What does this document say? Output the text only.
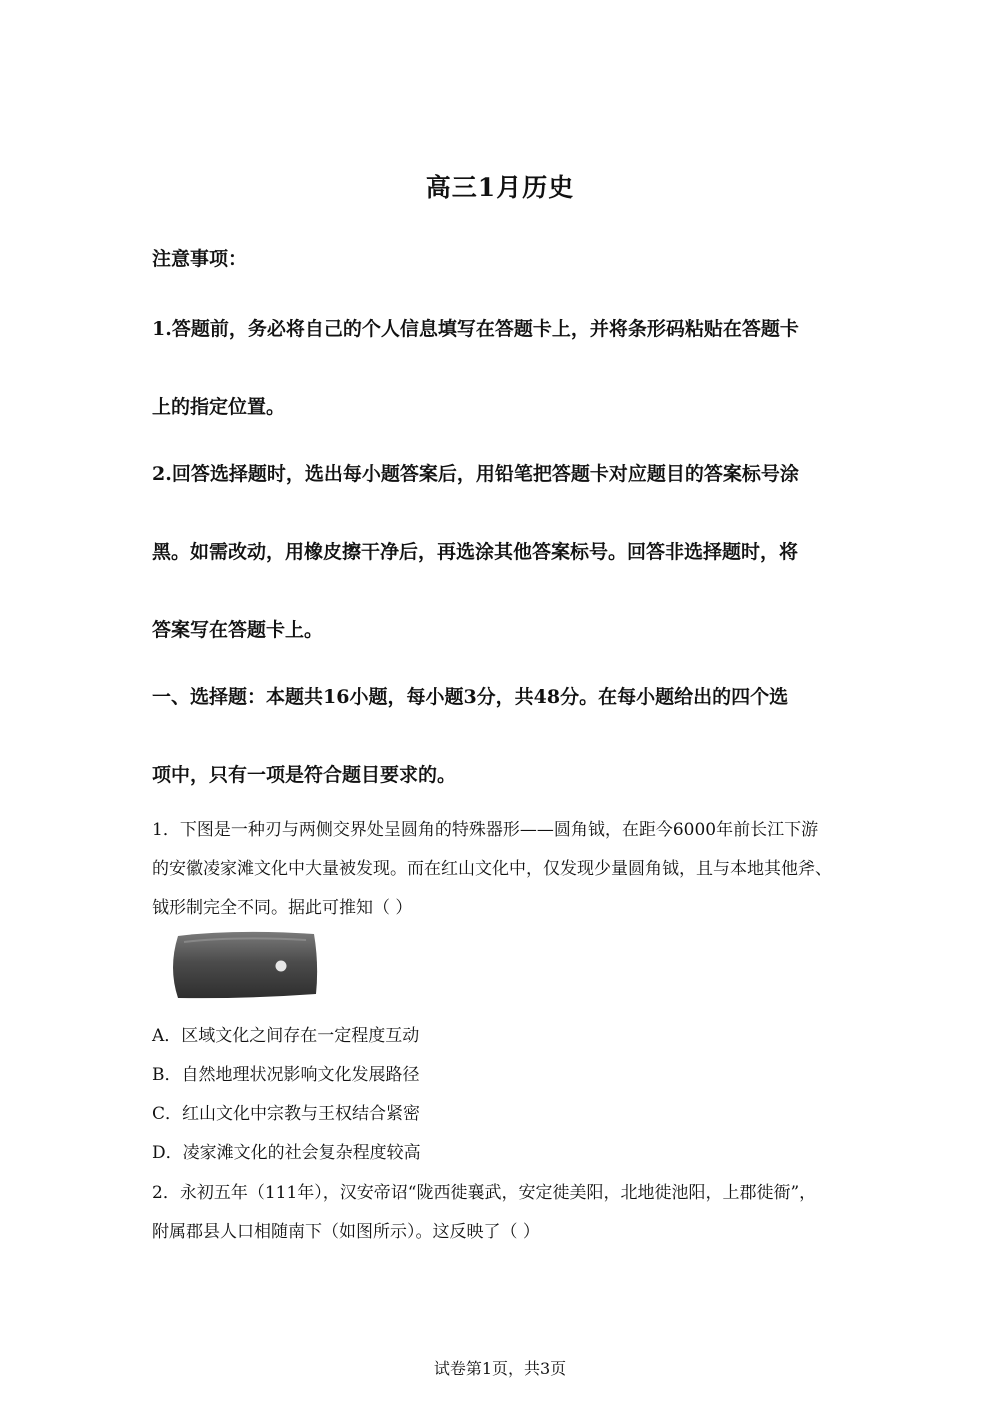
高三1月历史
注意事项：
1.答题前，务必将自己的个人信息填写在答题卡上，并将条形码粘贴在答题卡
上的指定位置。
2.回答选择题时，选出每小题答案后，用铅笔把答题卡对应题目的答案标号涂
黑。如需改动，用橡皮擦干净后，再选涂其他答案标号。回答非选择题时，将
答案写在答题卡上。
一、选择题：本题共16小题，每小题3分，共48分。在每小题给出的四个选
项中，只有一项是符合题目要求的。
1．下图是一种刃与两侧交界处呈圆角的特殊器形——圆角钺，在距今6000年前长江下游
的安徽凌家滩文化中大量被发现。而在红山文化中，仅发现少量圆角钺，且与本地其他斧、
钺形制完全不同。据此可推知（ ）
A．区域文化之间存在一定程度互动
B．自然地理状况影响文化发展路径
C．红山文化中宗教与王权结合紧密
D．凌家滩文化的社会复杂程度较高
2．永初五年（111年），汉安帝诏“陇西徙襄武，安定徙美阳，北地徙池阳，上郡徙衙”，
附属郡县人口相随南下（如图所示）。这反映了（ ）
试卷第1页，共3页
